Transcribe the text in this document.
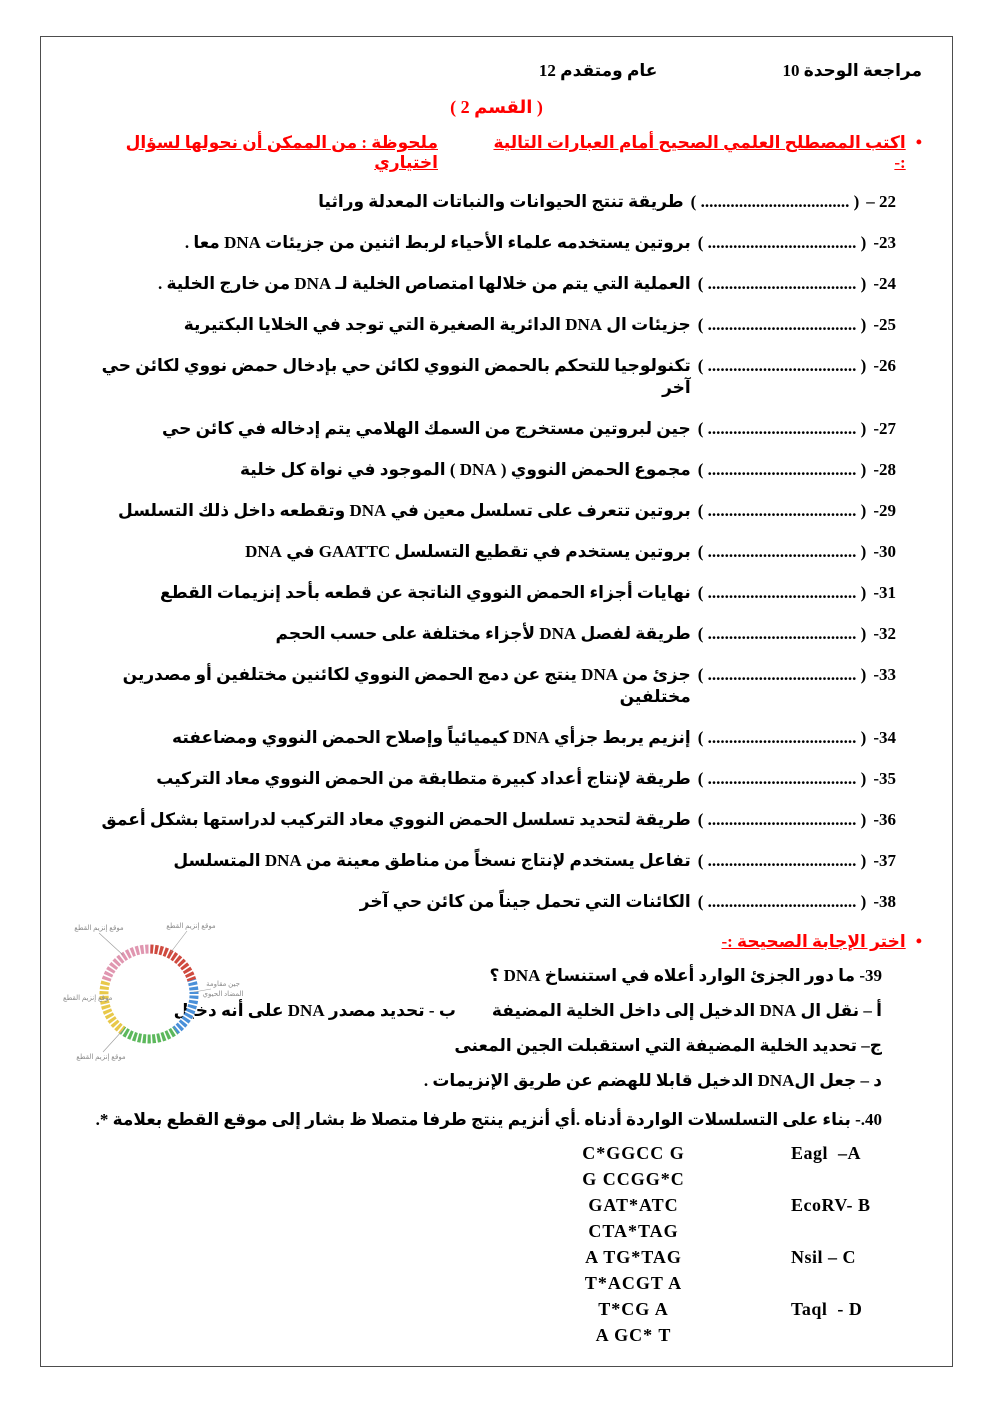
12 عام ومتقدم	مراجعة الوحدة 10
( القسم 2 )
•
اكتب المصطلح العلمي الصحيح أمام العبارات التالية :-
ملحوظة : من الممكن أن نحولها لسؤال اختياري
22 –
( ................................... )
طريقة تنتج الحيوانات والنباتات المعدلة وراثيا
23-
( ................................... )
بروتين يستخدمه علماء الأحياء لربط اثنين من جزيئات DNA معا .
24-
( ................................... )
العملية التي يتم من خلالها امتصاص الخلية لـ DNA من خارج الخلية .
25-
( ................................... )
جزيئات ال DNA الدائرية الصغيرة التي توجد في الخلايا البكتيرية
26-
( ................................... )
تكنولوجيا للتحكم بالحمض النووي لكائن حي بإدخال حمض نووي لكائن حي آخر
27-
( ................................... )
جين لبروتين مستخرج من السمك الهلامي يتم إدخاله في كائن حي
28-
( ................................... )
مجموع الحمض النووي ( DNA ) الموجود في نواة كل خلية
29-
( ................................... )
بروتين تتعرف على تسلسل معين في DNA وتقطعه داخل ذلك التسلسل
30-
( ................................... )
بروتين يستخدم في تقطيع التسلسل GAATTC في DNA
31-
( ................................... )
نهايات أجزاء الحمض النووي الناتجة عن قطعه بأحد إنزيمات القطع
32-
( ................................... )
طريقة لفصل DNA لأجزاء مختلفة على حسب الحجم
33-
( ................................... )
جزئ من DNA ينتج عن دمج الحمض النووي لكائنين مختلفين أو مصدرين مختلفين
34-
( ................................... )
إنزيم يربط جزأي DNA كيميائياً وإصلاح الحمض النووي ومضاعفته
35-
( ................................... )
طريقة لإنتاج أعداد كبيرة متطابقة من الحمض النووي معاد التركيب
36-
( ................................... )
طريقة لتحديد تسلسل الحمض النووي معاد التركيب لدراستها بشكل أعمق
37-
( ................................... )
تفاعل يستخدم لإنتاج نسخاً من مناطق معينة من DNA المتسلسل
38-
( ................................... )
الكائنات التي تحمل جيناً من كائن حي آخر
موقع إنزيم القطع
موقع إنزيم القطع
جين مقاومة
المضاد الحيوي
موقع إنزيم القطع
موقع إنزيم القطع
•
اختر الإجابة الصحيحة :-
39- ما دور الجزئ الوارد أعلاه في استنساخ DNA ؟
أ – نقل ال DNA الدخيل إلى داخل الخلية المضيفة
ب - تحديد مصدر DNA على أنه دخيل
ج– تحديد الخلية المضيفة التي استقبلت الجين المعنى
د – جعل الDNA الدخيل قابلا للهضم عن طريق الإنزيمات .
40.- بناء على التسلسلات الواردة أدناه .أي أنزيم ينتج طرفا متصلا ظ بشار إلى موقع القطع بعلامة *.
C*GGCC G	Eagl  –A
G CCGG*C
GAT*ATC	EcoRV- B
CTA*TAG
A TG*TAG	Nsil – C
T*ACGT A
T*CG A	Taql  - D
A GC* T
